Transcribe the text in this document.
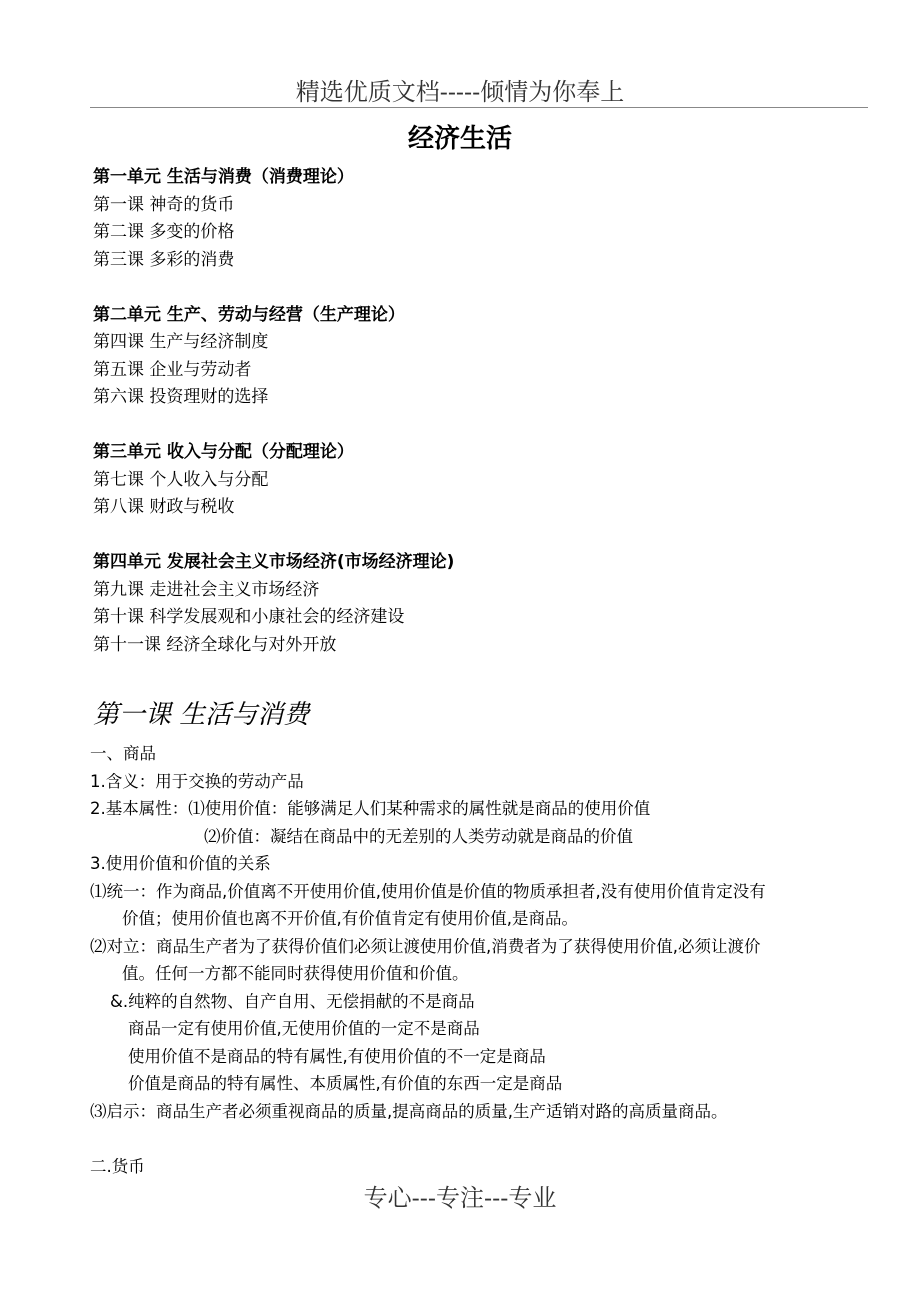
精选优质文档-----倾情为你奉上
经济生活
第一单元 生活与消费（消费理论）
第一课 神奇的货币
第二课 多变的价格
第三课 多彩的消费
第二单元 生产、劳动与经营（生产理论）
第四课 生产与经济制度
第五课 企业与劳动者
第六课 投资理财的选择
第三单元 收入与分配（分配理论）
第七课 个人收入与分配
第八课 财政与税收
第四单元 发展社会主义市场经济(市场经济理论)
第九课 走进社会主义市场经济
第十课 科学发展观和小康社会的经济建设
第十一课 经济全球化与对外开放
第一课 生活与消费
一、商品
1.含义：用于交换的劳动产品
2.基本属性：⑴使用价值：能够满足人们某种需求的属性就是商品的使用价值
⑵价值：凝结在商品中的无差别的人类劳动就是商品的价值
3.使用价值和价值的关系
⑴统一：作为商品,价值离不开使用价值,使用价值是价值的物质承担者,没有使用价值肯定没有
价值；使用价值也离不开价值,有价值肯定有使用价值,是商品。
⑵对立：商品生产者为了获得价值们必须让渡使用价值,消费者为了获得使用价值,必须让渡价
值。任何一方都不能同时获得使用价值和价值。
&.纯粹的自然物、自产自用、无偿捐献的不是商品
商品一定有使用价值,无使用价值的一定不是商品
使用价值不是商品的特有属性,有使用价值的不一定是商品
价值是商品的特有属性、本质属性,有价值的东西一定是商品
⑶启示：商品生产者必须重视商品的质量,提高商品的质量,生产适销对路的高质量商品。
二.货币
专心---专注---专业
